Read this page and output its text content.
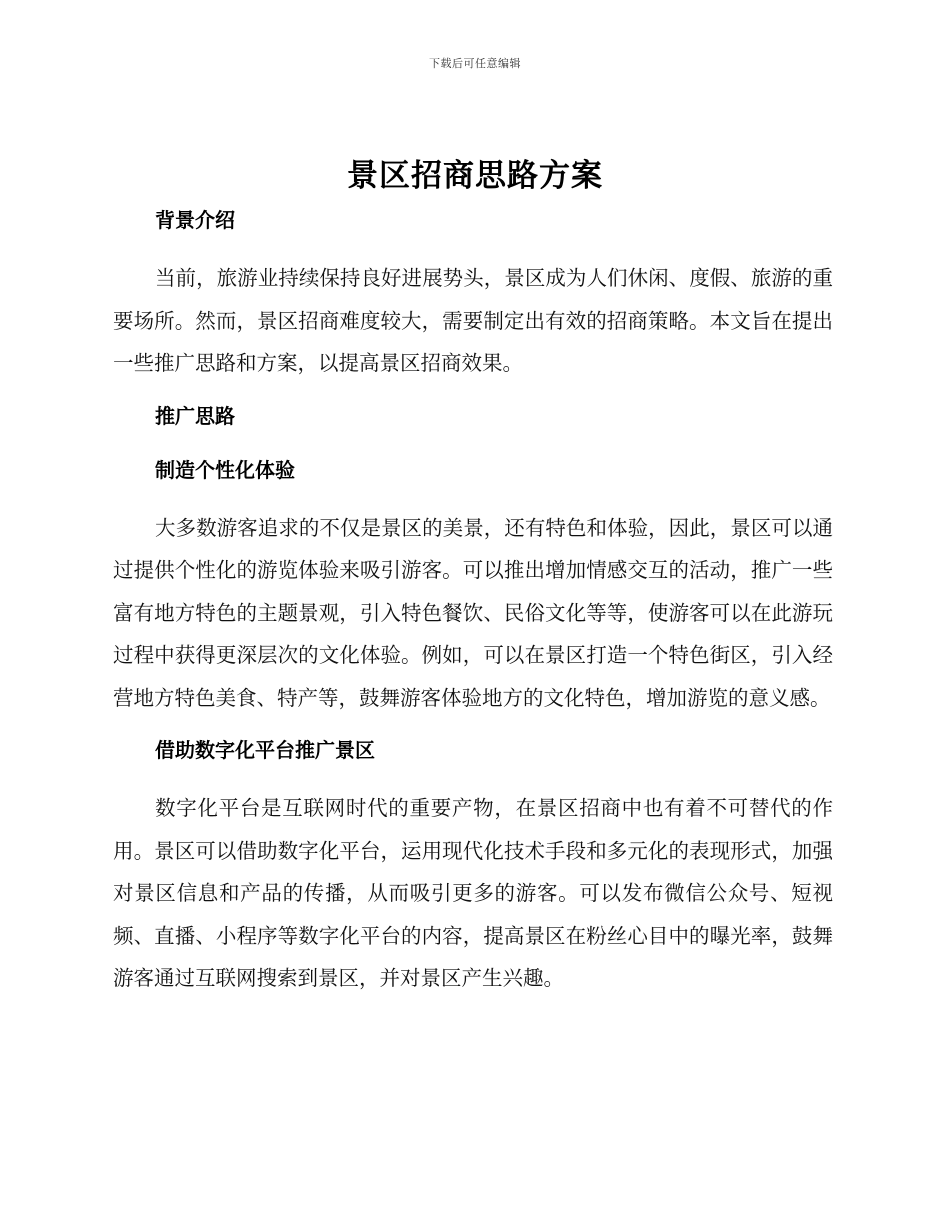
下载后可任意编辑
景区招商思路方案
背景介绍

当前，旅游业持续保持良好进展势头，景区成为人们休闲、度假、旅游的重要场所。然而，景区招商难度较大，需要制定出有效的招商策略。本文旨在提出一些推广思路和方案，以提高景区招商效果。

推广思路
制造个性化体验

大多数游客追求的不仅是景区的美景，还有特色和体验，因此，景区可以通过提供个性化的游览体验来吸引游客。可以推出增加情感交互的活动，推广一些富有地方特色的主题景观，引入特色餐饮、民俗文化等等，使游客可以在此游玩过程中获得更深层次的文化体验。例如，可以在景区打造一个特色街区，引入经营地方特色美食、特产等，鼓舞游客体验地方的文化特色，增加游览的意义感。

借助数字化平台推广景区

数字化平台是互联网时代的重要产物，在景区招商中也有着不可替代的作用。景区可以借助数字化平台，运用现代化技术手段和多元化的表现形式，加强对景区信息和产品的传播，从而吸引更多的游客。可以发布微信公众号、短视频、直播、小程序等数字化平台的内容，提高景区在粉丝心目中的曝光率，鼓舞游客通过互联网搜索到景区，并对景区产生兴趣。
